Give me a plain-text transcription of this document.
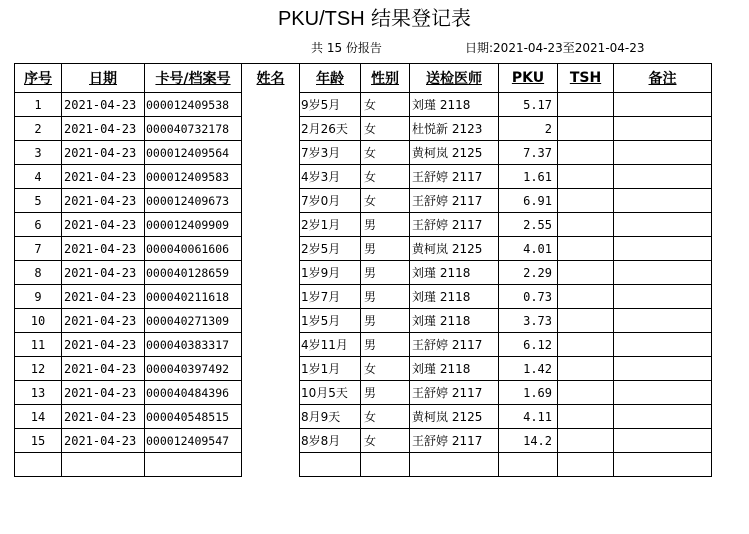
PKU/TSH 结果登记表
共 15 份报告	日期:2021-04-23至2021-04-23
序号	日期	卡号/档案号	姓名	年龄	性别	送检医师	PKU	TSH	备注
1	2021-04-23	000012409538		9岁5月	女	刘瑾 2118	5.17		
2	2021-04-23	000040732178		2月26天	女	杜悦新 2123	2		
3	2021-04-23	000012409564		7岁3月	女	黄柯岚 2125	7.37		
4	2021-04-23	000012409583		4岁3月	女	王舒婷 2117	1.61		
5	2021-04-23	000012409673		7岁0月	女	王舒婷 2117	6.91		
6	2021-04-23	000012409909		2岁1月	男	王舒婷 2117	2.55		
7	2021-04-23	000040061606		2岁5月	男	黄柯岚 2125	4.01		
8	2021-04-23	000040128659		1岁9月	男	刘瑾 2118	2.29		
9	2021-04-23	000040211618		1岁7月	男	刘瑾 2118	0.73		
10	2021-04-23	000040271309		1岁5月	男	刘瑾 2118	3.73		
11	2021-04-23	000040383317		4岁11月	男	王舒婷 2117	6.12		
12	2021-04-23	000040397492		1岁1月	女	刘瑾 2118	1.42		
13	2021-04-23	000040484396		10月5天	男	王舒婷 2117	1.69		
14	2021-04-23	000040548515		8月9天	女	黄柯岚 2125	4.11		
15	2021-04-23	000012409547		8岁8月	女	王舒婷 2117	14.2		
